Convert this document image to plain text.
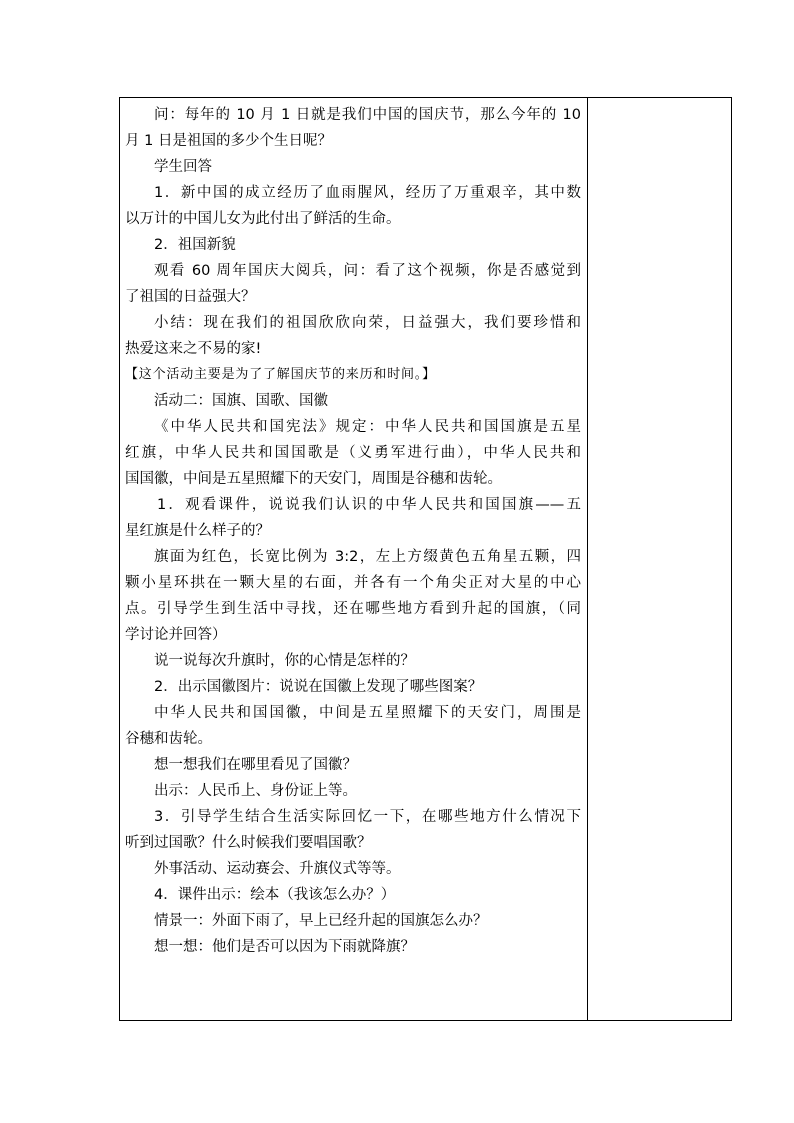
问：每年的 10 月 1 日就是我们中国的国庆节，那么今年的 10
月 1 日是祖国的多少个生日呢？
学生回答
1．新中国的成立经历了血雨腥风，经历了万重艰辛，其中数
以万计的中国儿女为此付出了鲜活的生命。
2．祖国新貌
观看 60 周年国庆大阅兵，问：看了这个视频，你是否感觉到
了祖国的日益强大？
小结：现在我们的祖国欣欣向荣，日益强大，我们要珍惜和
热爱这来之不易的家!
【这个活动主要是为了了解国庆节的来历和时间。】
活动二：国旗、国歌、国徽
《中华人民共和国宪法》规定：中华人民共和国国旗是五星
红旗，中华人民共和国国歌是（义勇军进行曲），中华人民共和
国国徽，中间是五星照耀下的天安门，周围是谷穗和齿轮。
1．观看课件，说说我们认识的中华人民共和国国旗——五
星红旗是什么样子的？
旗面为红色，长宽比例为 3:2，左上方缀黄色五角星五颗，四
颗小星环拱在一颗大星的右面，并各有一个角尖正对大星的中心
点。引导学生到生活中寻找，还在哪些地方看到升起的国旗，（同
学讨论并回答）
说一说每次升旗时，你的心情是怎样的？
2．出示国徽图片：说说在国徽上发现了哪些图案？
中华人民共和国国徽，中间是五星照耀下的天安门，周围是
谷穗和齿轮。
想一想我们在哪里看见了国徽？
出示：人民币上、身份证上等。
3．引导学生结合生活实际回忆一下，在哪些地方什么情况下
听到过国歌？什么时候我们要唱国歌？
外事活动、运动赛会、升旗仪式等等。
4．课件出示：绘本（我该怎么办？）
情景一：外面下雨了，早上已经升起的国旗怎么办？
想一想：他们是否可以因为下雨就降旗？
